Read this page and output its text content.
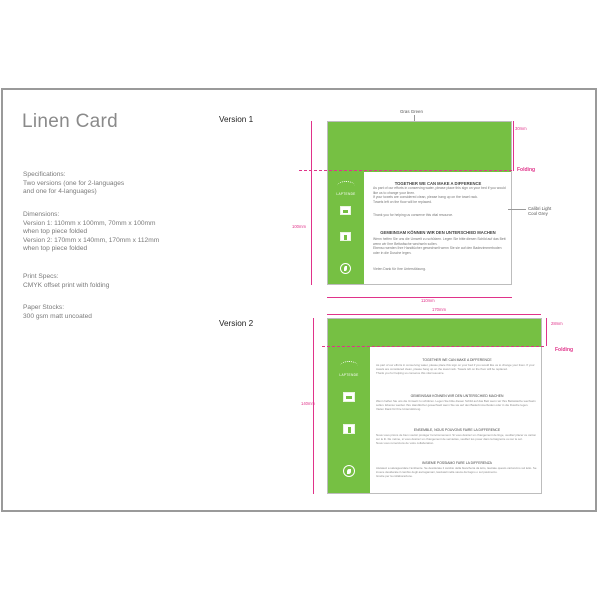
Linen Card
Specifications:
Two versions (one for 2-languages
and one for 4-languages)
Dimensions:
Version 1: 110mm x 100mm, 70mm x 100mm
when top piece folded
Version 2: 170mm x 140mm, 170mm x 112mm
when top piece folded
Print Specs:
CMYK offset print with folding
Paper Stocks:
300 gsm matt uncoated
Version 1
Gras Green
LAPTENDE
TOGETHER WE CAN MAKE A DIFFERENCE
As part of our efforts in conserving water, please place this sign on your bed if you would like us to change your linen.
If your towels are considered clean, please hang up on the towel rack.
Towels left on the floor will be replaced.
Thank you for helping us conserve this vital resource.
GEMEINSAM KÖNNEN WIR DEN UNTERSCHIED MACHEN
Wenn helfen Sie uns die Umwelt zu schützen. Legen Sie bitte diesen Schild auf das Bett wenn wir Ihre Bettwäsche wechseln sollen.
Ebenso werden Ihre Handtücher gewechselt wenn Sie sie auf den Badezimmerboden oder in die Dusche legen.
Vielen Dank für Ihre Unterstützung.
Folding
30mm
Calibri Light
Cool Grey
100mm
110mm
Version 2
170mm
LAPTENDE
TOGETHER WE CAN MAKE A DIFFERENCE
As part of our efforts in conserving water, please place this sign on your bed if you would like us to change your linen. If your towels are considered clean, please hang up on the towel rack. Towels left on the floor will be replaced.
Thank you for helping us conserve this vital resource.
GEMEINSAM KÖNNEN WIR DEN UNTERSCHIED MACHEN
Wenn helfen Sie uns die Umwelt zu schützen. Legen Sie bitte diesen Schild auf das Bett wenn wir Ihre Bettwäsche wechseln sollen. Ebenso werden Ihre Handtücher gewechselt wenn Sie sie auf den Badezimmerboden oder in die Dusche legen.
Vielen Dank für Ihre Unterstützung.
ENSEMBLE, NOUS POUVONS FAIRE LA DIFFERENCE
Nous vous prions de bien vouloir protéger l'environnement. Si vous désirez un changement de linge, veuillez placer ce carton sur le lit. De même, si vous désirez un changement de serviettes, veuillez les poser dans la baignoire ou sur le sol.
Nous vous remercions de votre collaboration.
INSIEME POSSIAMO FARE LA DIFFERENZA
Aiutateci a salvaguardare l'ambiente. Se desiderate il cambio della biancheria da letto, lasciate questo cartoncino sul letto. Se invece desiderate il cambio degli asciugamani, lasciateli nella vasca da bagno o sul pavimento.
Grazie per la collaborazione.
Folding
28mm
140mm
